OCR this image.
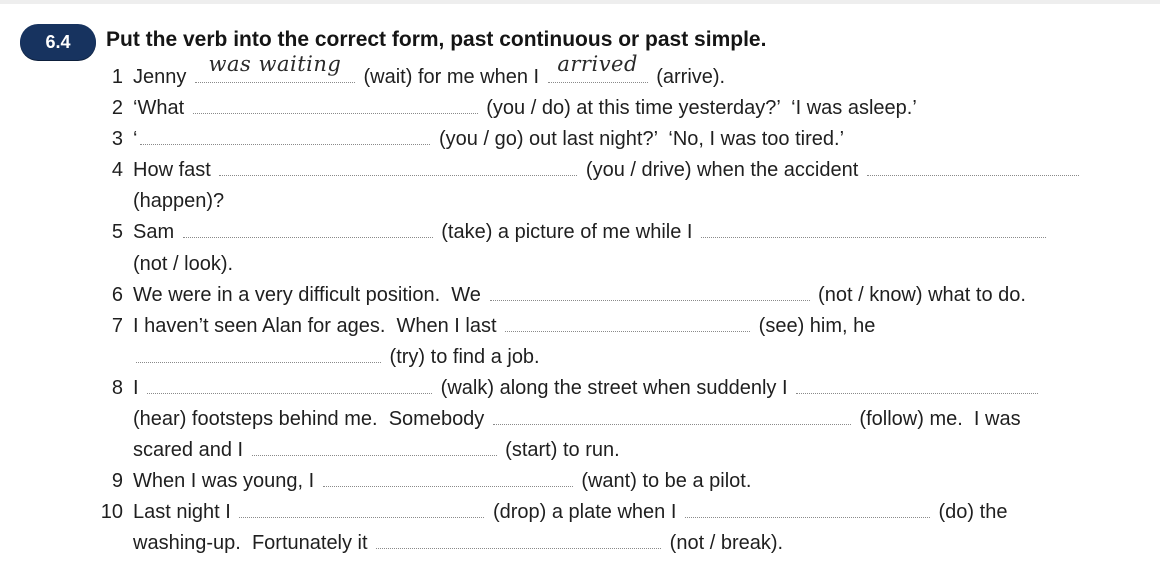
6.4	Put the verb into the correct form, past continuous or past simple.
1 Jenny
was waiting
(wait) for me when I
arrived
(arrive).
2 ‘What	(you / do) at this time yesterday?’  ‘I was asleep.’
3 ‘	(you / go) out last night?’  ‘No, I was too tired.’
4 How fast	(you / drive) when the accident
(happen)?
5 Sam	(take) a picture of me while I
(not / look).
6 We were in a very difficult position.  We	(not / know) what to do.
7 I haven’t seen Alan for ages.  When I last	(see) him, he
(try) to find a job.
8 I	(walk) along the street when suddenly I
(hear) footsteps behind me.  Somebody	(follow) me.  I was
scared and I	(start) to run.
9 When I was young, I	(want) to be a pilot.
10 Last night I	(drop) a plate when I	(do) the
washing-up.  Fortunately it	(not / break).
